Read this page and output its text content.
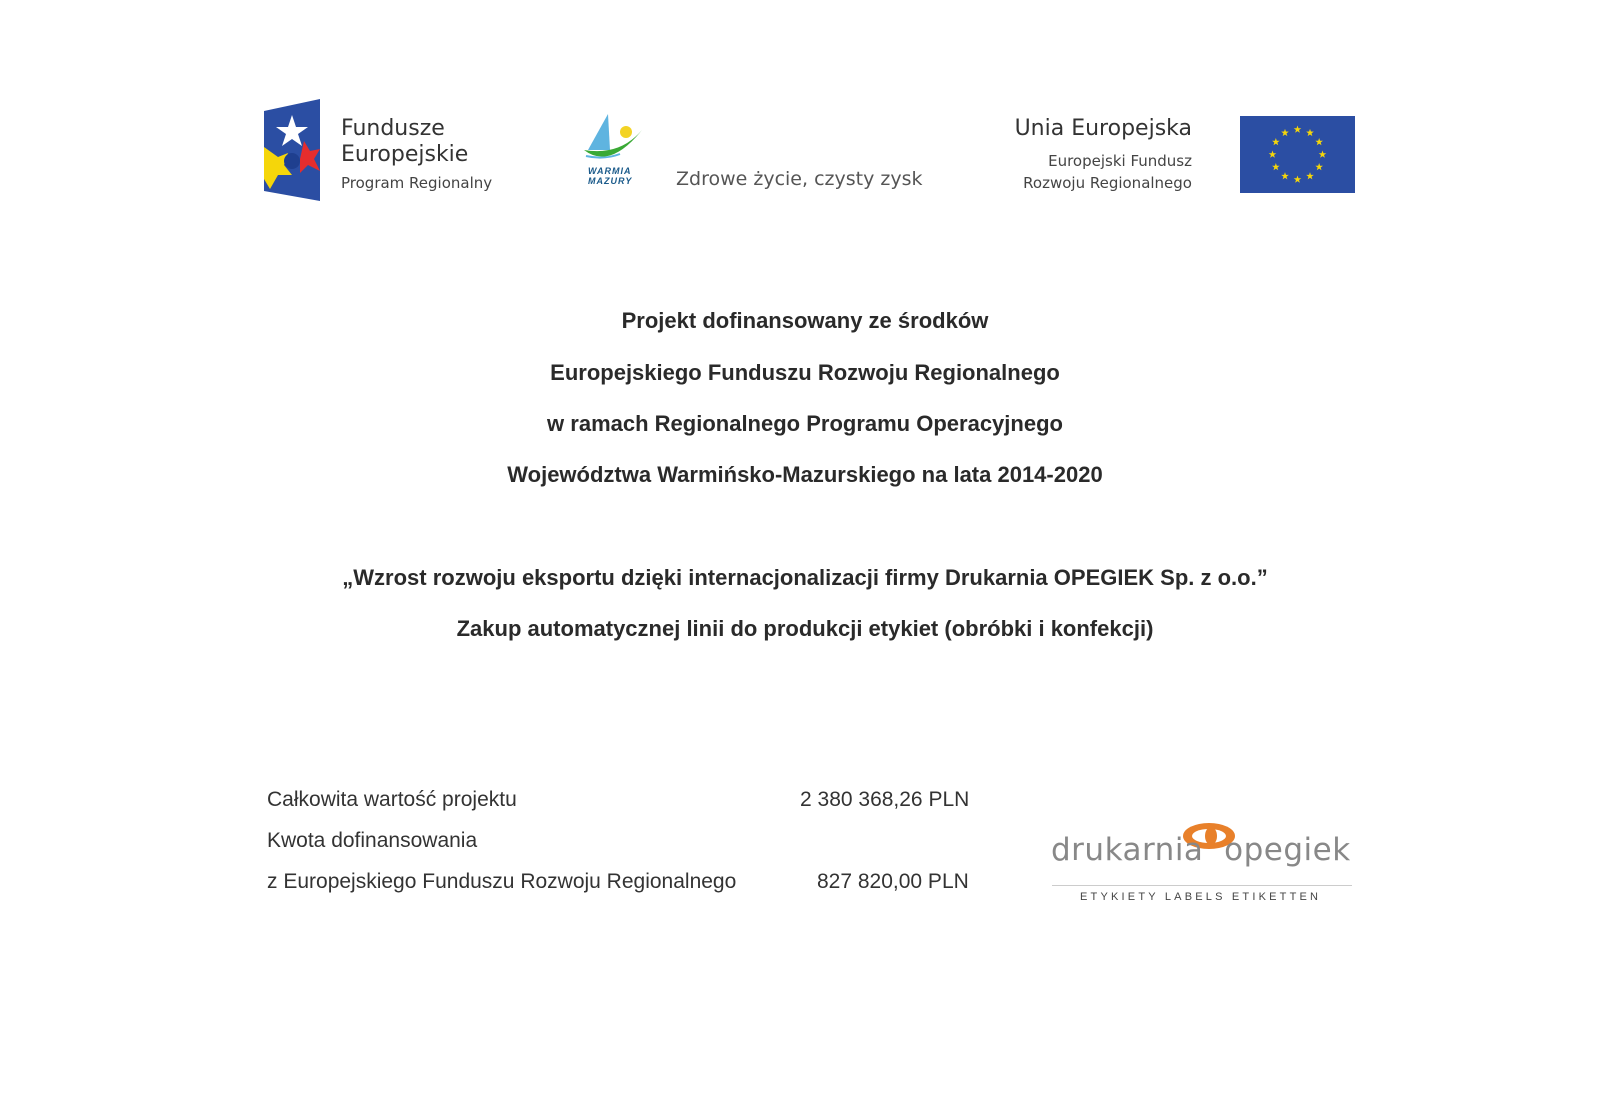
Fundusze
Europejskie
Program Regionalny
WARMIA
MAZURY Zdrowe życie, czysty zysk
Unia Europejska
Europejski Fundusz
Rozwoju Regionalnego
Projekt dofinansowany ze środków
Europejskiego Funduszu Rozwoju Regionalnego
w ramach Regionalnego Programu Operacyjnego
Województwa Warmińsko-Mazurskiego na lata 2014-2020
„Wzrost rozwoju eksportu dzięki internacjonalizacji firmy Drukarnia OPEGIEK Sp. z o.o.”
Zakup automatycznej linii do produkcji etykiet (obróbki i konfekcji)
Całkowita wartość projektu	2 380 368,26 PLN
Kwota dofinansowania
z Europejskiego Funduszu Rozwoju Regionalnego	827 820,00 PLN
drukarnia  opegiek
ETYKIETY LABELS ETIKETTEN
